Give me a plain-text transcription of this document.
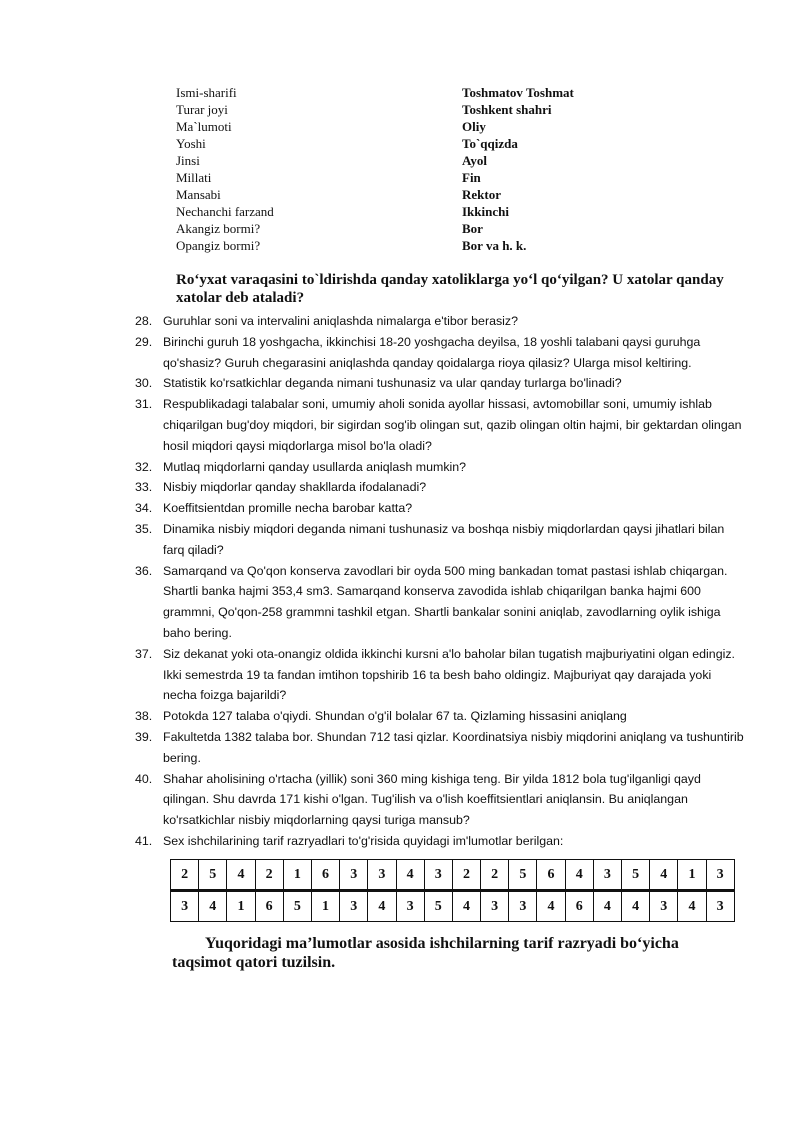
Ismi-sharifi	Toshmatov Toshmat
Turar joyi	Toshkent shahri
Ma`lumoti	Oliy
Yoshi	To`qqizda
Jinsi	Ayol
Millati	Fin
Mansabi	Rektor
Nechanchi farzand	Ikkinchi
Akangiz bormi?	Bor
Opangiz bormi?	Bor va h. k.
Ro‘yxat varaqasini to`ldirishda qanday xatoliklarga yo‘l qo‘yilgan? U xatolar qanday xatolar deb ataladi?
28. Guruhlar soni va intervalini aniqlashda nimalarga e'tibor berasiz?
29. Birinchi guruh 18 yoshgacha, ikkinchisi 18-20 yoshgacha deyilsa, 18 yoshli talabani qaysi guruhga qo'shasiz? Guruh chegarasini aniqlashda qanday qoidalarga rioya qilasiz? Ularga misol keltiring.
30. Statistik ko'rsatkichlar deganda nimani tushunasiz va ular qanday turlarga bo'linadi?
31. Respublikadagi talabalar soni, umumiy aholi sonida ayollar hissasi, avtomobillar soni, umumiy ishlab chiqarilgan bug'doy miqdori, bir sigirdan sog'ib olingan sut, qazib olingan oltin hajmi, bir gektardan olingan hosil miqdori qaysi miqdorlarga misol bo'la oladi?
32. Mutlaq miqdorlarni qanday usullarda aniqlash mumkin?
33. Nisbiy miqdorlar qanday shakllarda ifodalanadi?
34. Koeffitsientdan promille necha barobar katta?
35. Dinamika nisbiy miqdori deganda nimani tushunasiz va boshqa nisbiy miqdorlardan qaysi jihatlari bilan farq qiladi?
36. Samarqand va Qo'qon konserva zavodlari bir oyda 500 ming bankadan tomat pastasi ishlab chiqargan. Shartli banka hajmi 353,4 sm3. Samarqand konserva zavodida ishlab chiqarilgan banka hajmi 600 grammni, Qo'qon-258 grammni tashkil etgan. Shartli bankalar sonini aniqlab, zavodlarning oylik ishiga baho bering.
37. Siz dekanat yoki ota-onangiz oldida ikkinchi kursni a'lo baholar bilan tugatish majburiyatini olgan edingiz. Ikki semestrda 19 ta fandan imtihon topshirib 16 ta besh baho oldingiz. Majburiyat qay darajada yoki necha foizga bajarildi?
38. Potokda 127 talaba o'qiydi. Shundan o'g'il bolalar 67 ta. Qizlaming hissasini aniqlang
39. Fakultetda 1382 talaba bor. Shundan 712 tasi qizlar. Koordinatsiya nisbiy miqdorini aniqlang va tushuntirib bering.
40. Shahar aholisining o'rtacha (yillik) soni 360 ming kishiga teng. Bir yilda 1812 bola tug'ilganligi qayd qilingan. Shu davrda 171 kishi o'lgan. Tug'ilish va o'lish koeffitsientlari aniqlansin. Bu aniqlangan ko'rsatkichlar nisbiy miqdorlarning qaysi turiga mansub?
41. Sex ishchilarining tarif razryadlari to'g'risida quyidagi im'lumotlar berilgan:
2	5	4	2	1	6	3	3	4	3	2	2	5	6	4	3	5	4	1	3
3	4	1	6	5	1	3	4	3	5	4	3	3	4	6	4	4	3	4	3
Yuqoridagi ma’lumotlar asosida ishchilarning tarif razryadi bo‘yicha
taqsimot qatori tuzilsin.
